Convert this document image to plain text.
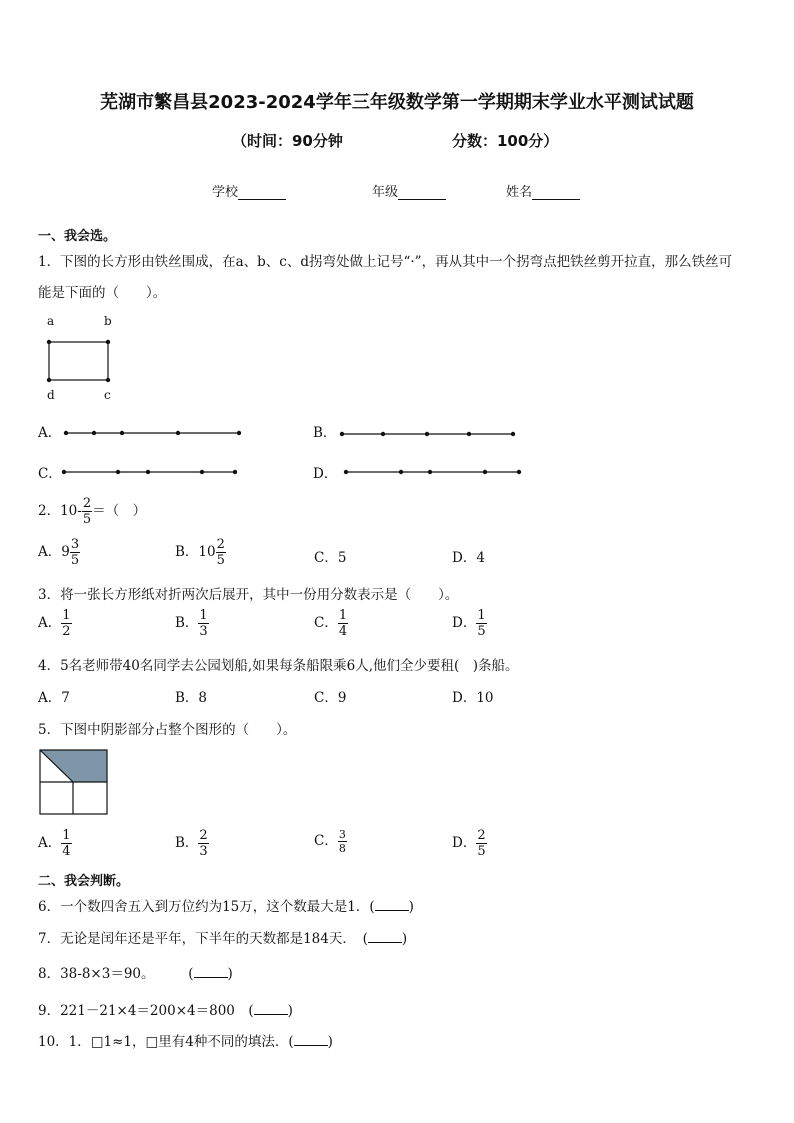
芜湖市繁昌县2023-2024学年三年级数学第一学期期末学业水平测试试题
（时间：90分钟	分数：100分）
学校	年级	姓名
一、我会选。
1．下图的长方形由铁丝围成，在a、b、c、d拐弯处做上记号“·”，再从其中一个拐弯点把铁丝剪开拉直，那么铁丝可
能是下面的（　　）。
a	b
d	c
A．	B．
C．	D．
2．$10- \frac{2}{5}$ ＝（　）
A．$9 \frac{3}{5}$	B．$10 \frac{2}{5}$	C．5	D．4
3．将一张长方形纸对折两次后展开，其中一份用分数表示是（　　）。
A． $\frac{1}{2}$	B． $\frac{1}{3}$	C． $\frac{1}{4}$	D． $\frac{1}{5}$
4．5名老师带40名同学去公园划船,如果每条船限乘6人,他们全少要租(　)条船。
A．7	B．8	C．9	D．10
5．下图中阴影部分占整个图形的（　　）。
A． $\frac{1}{4}$	B． $\frac{2}{3}$	C． $\frac{3}{8}$	D． $\frac{2}{5}$
二、我会判断。
6．一个数四舍五入到万位约为15万，这个数最大是1．(	)
7．无论是闰年还是平年，下半年的天数都是184天．　(	)
8．38-8×3＝90。　　　(	)
9．221－21×4＝200×4＝800　(	)
10．1．□1≈1，□里有4种不同的填法．(	)
